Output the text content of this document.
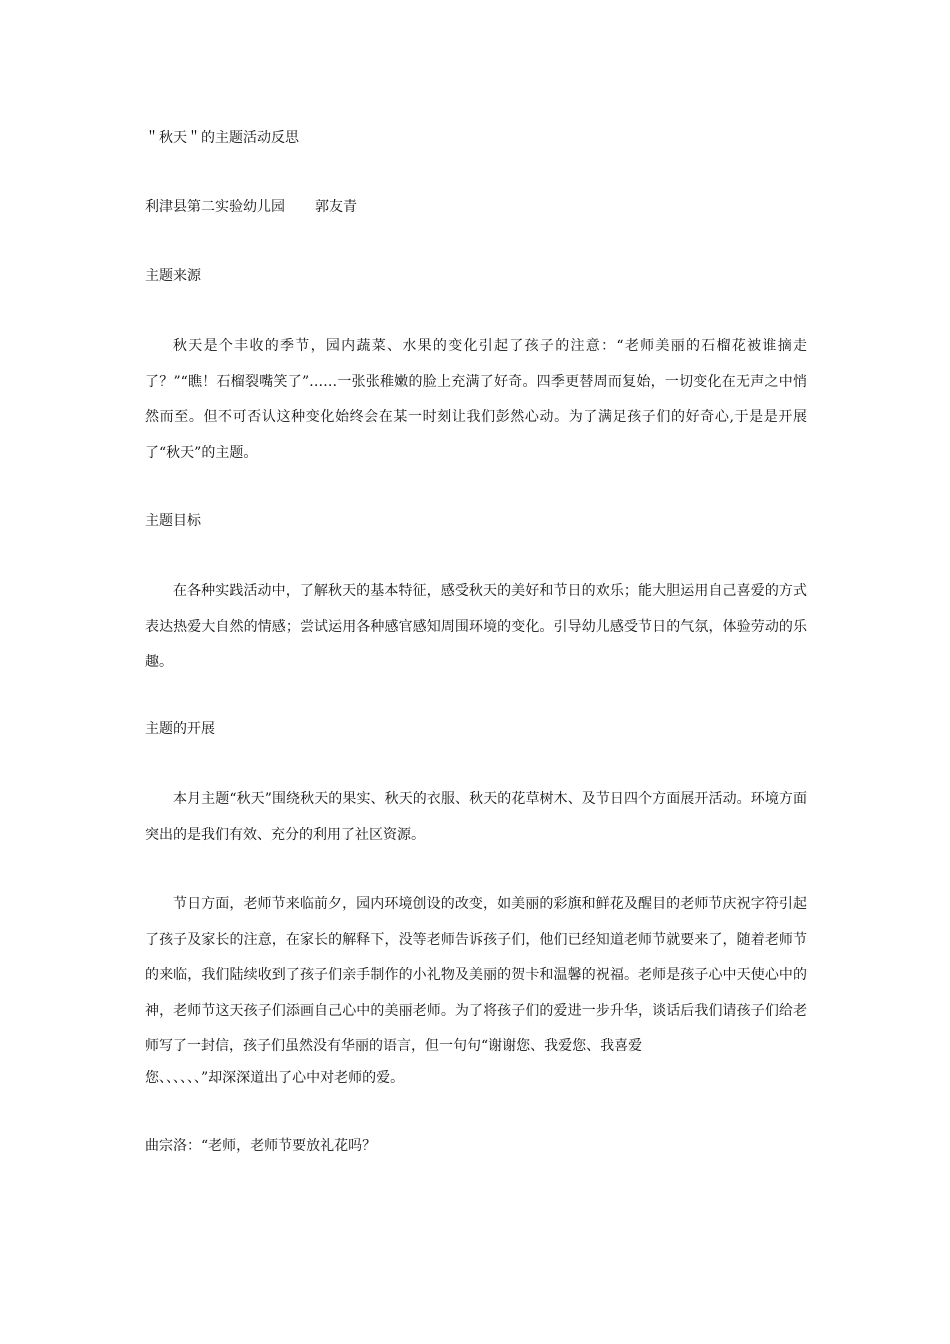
＂秋天＂的主题活动反思
利津县第二实验幼儿园 郭友青
主题来源

秋天是个丰收的季节，园内蔬菜、水果的变化引起了孩子的注意：“老师美丽的石榴花被谁摘走了？”“瞧！石榴裂嘴笑了”……一张张稚嫩的脸上充满了好奇。四季更替周而复始，一切变化在无声之中悄然而至。但不可否认这种变化始终会在某一时刻让我们彭然心动。为了满足孩子们的好奇心,于是是开展了“秋天”的主题。

主题目标

在各种实践活动中，了解秋天的基本特征，感受秋天的美好和节日的欢乐；能大胆运用自己喜爱的方式表达热爱大自然的情感；尝试运用各种感官感知周围环境的变化。引导幼儿感受节日的气氛，体验劳动的乐趣。

主题的开展

本月主题“秋天”围绕秋天的果实、秋天的衣服、秋天的花草树木、及节日四个方面展开活动。环境方面突出的是我们有效、充分的利用了社区资源。

节日方面，老师节来临前夕，园内环境创设的改变，如美丽的彩旗和鲜花及醒目的老师节庆祝字符引起了孩子及家长的注意，在家长的解释下，没等老师告诉孩子们，他们已经知道老师节就要来了，随着老师节的来临，我们陆续收到了孩子们亲手制作的小礼物及美丽的贺卡和温馨的祝福。老师是孩子心中天使心中的神，老师节这天孩子们添画自己心中的美丽老师。为了将孩子们的爱进一步升华，谈话后我们请孩子们给老师写了一封信，孩子们虽然没有华丽的语言，但一句句“谢谢您、我爱您、我喜爱

您、、、、、、”却深深道出了心中对老师的爱。
曲宗洛：“老师，老师节要放礼花吗？
